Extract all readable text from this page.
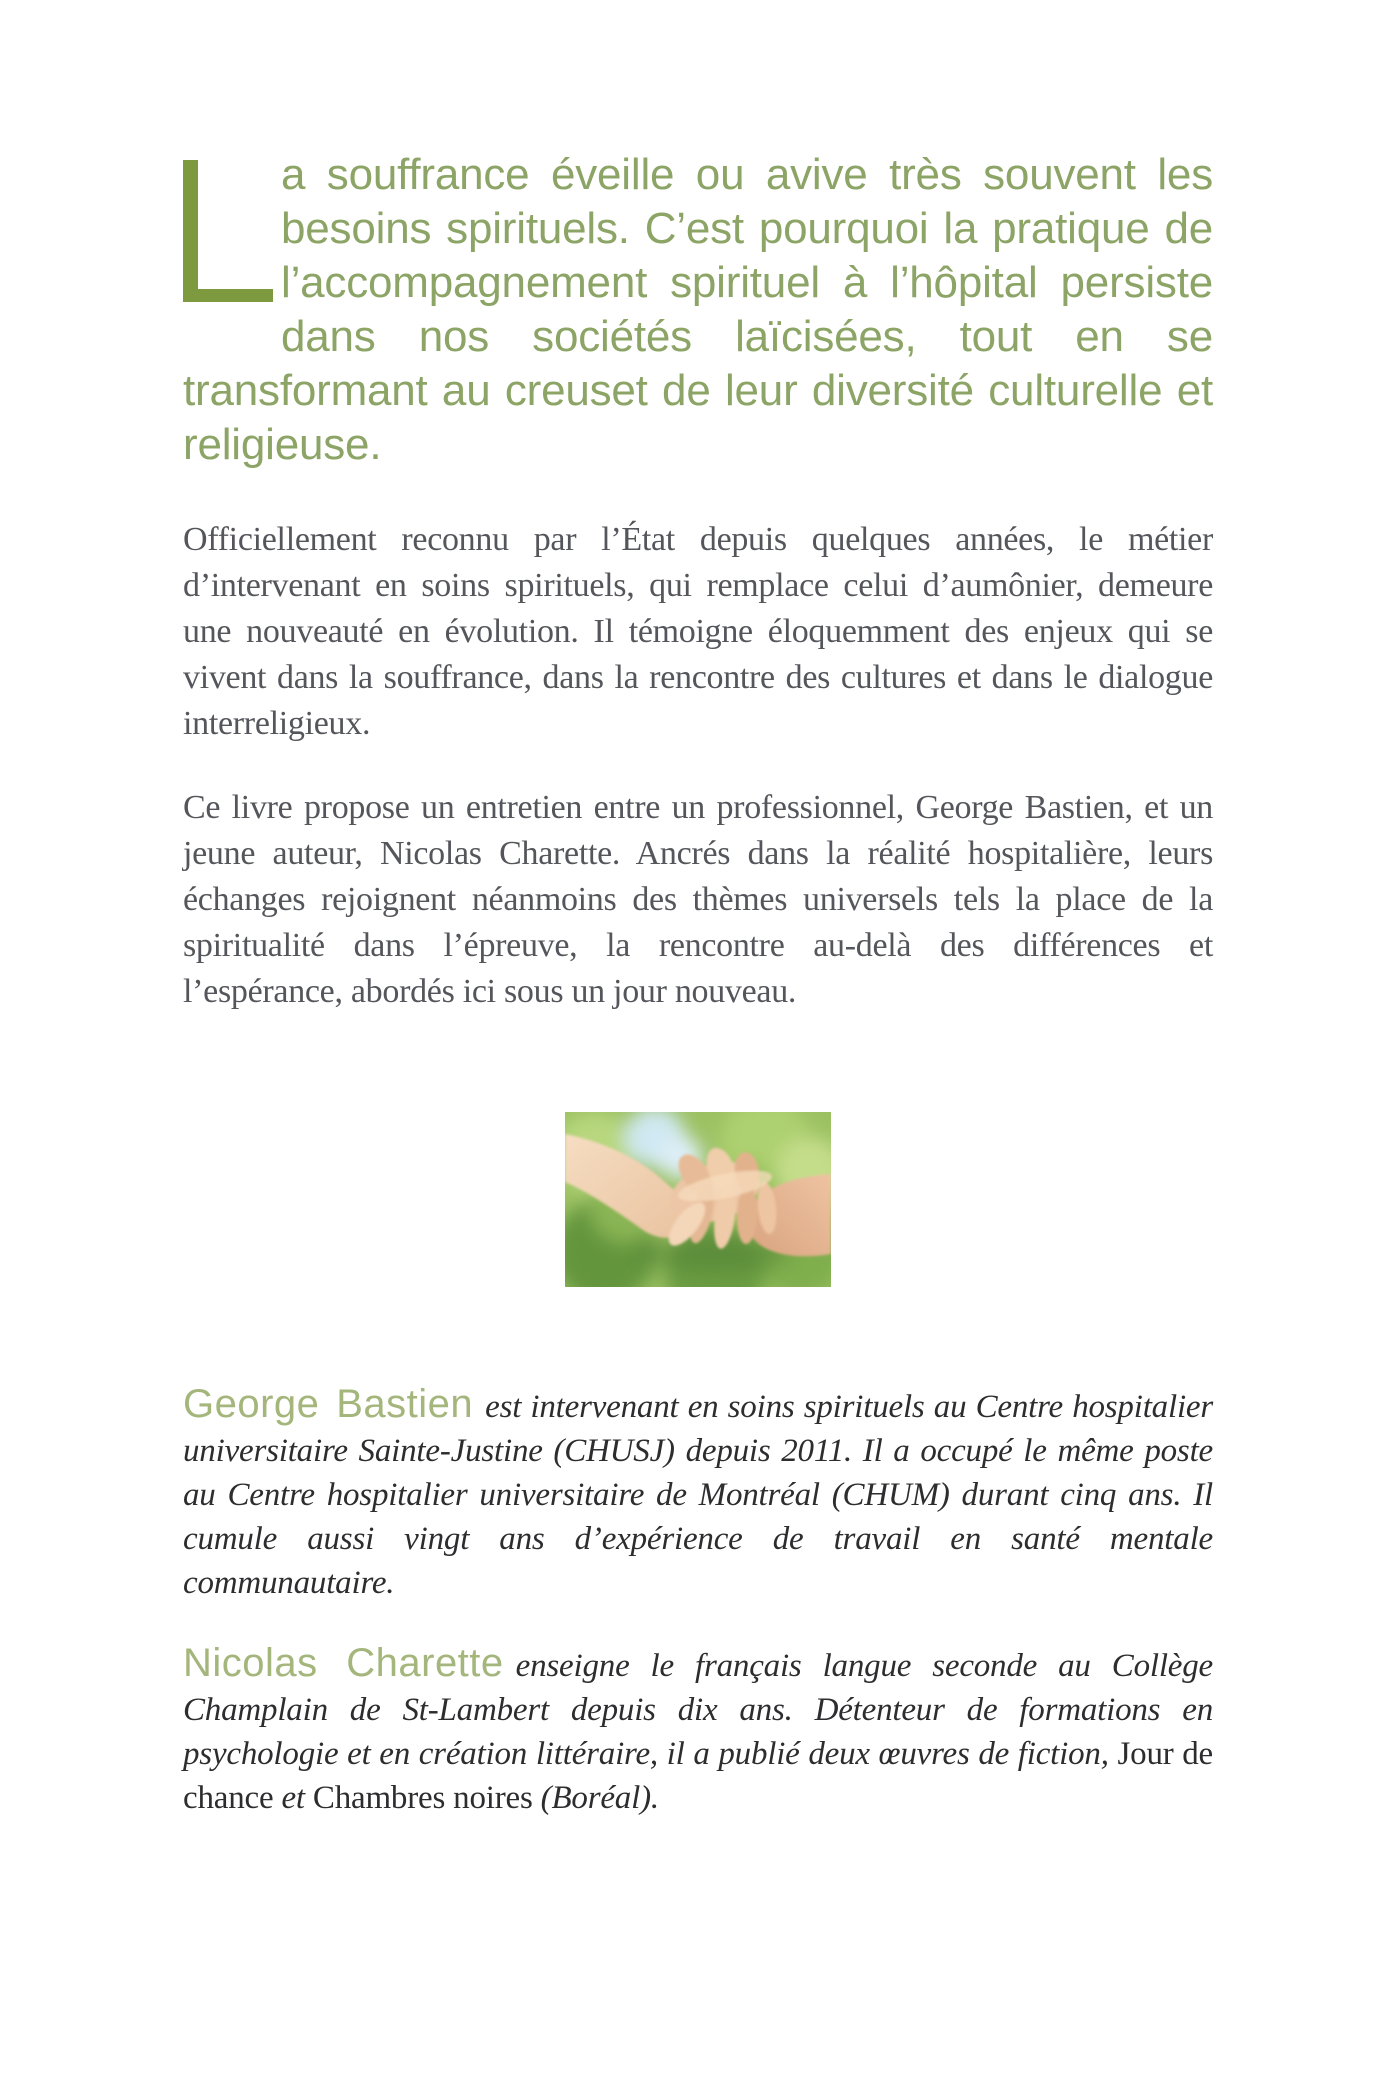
a souffrance éveille ou avive très souvent les besoins spirituels. C’est pourquoi la pratique de l’accompagnement spirituel à l’hôpital persiste dans nos sociétés laïcisées, tout en se transformant au creuset de leur diversité culturelle et religieuse.

Officiellement reconnu par l’État depuis quelques années, le métier d’intervenant en soins spirituels, qui remplace celui d’aumônier, demeure une nouveauté en évolution. Il témoigne éloquemment des enjeux qui se vivent dans la souffrance, dans la rencontre des cultures et dans le dialogue interreligieux.

Ce livre propose un entretien entre un professionnel, George Bastien, et un jeune auteur, Nicolas Charette. Ancrés dans la réalité hospitalière, leurs échanges rejoignent néanmoins des thèmes universels tels la place de la spiritualité dans l’épreuve, la rencontre au-delà des différences et l’espérance, abordés ici sous un jour nouveau.

George Bastien est intervenant en soins spirituels au Centre hospitalier universitaire Sainte-Justine (CHUSJ) depuis 2011. Il a occupé le même poste au Centre hospitalier universitaire de Montréal (CHUM) durant cinq ans. Il cumule aussi vingt ans d’expérience de travail en santé mentale communautaire.

Nicolas Charette enseigne le français langue seconde au Collège Champlain de St-Lambert depuis dix ans. Détenteur de formations en psychologie et en création littéraire, il a publié deux œuvres de fiction, Jour de chance et Chambres noires (Boréal).
